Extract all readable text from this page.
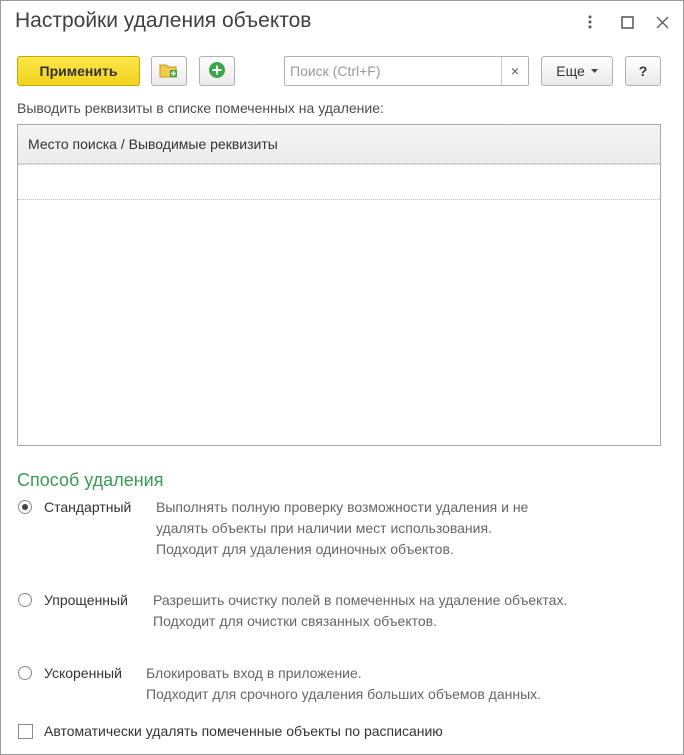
Настройки удаления объектов
Применить
Поиск (Ctrl+F)	×	Еще	?
Выводить реквизиты в списке помеченных на удаление:
Место поиска / Выводимые реквизиты
Способ удаления
Стандартный Выполнять полную проверку возможности удаления и не
удалять объекты при наличии мест использования.
Подходит для удаления одиночных объектов.
Упрощенный Разрешить очистку полей в помеченных на удаление объектах.
Подходит для очистки связанных объектов.
Ускоренный Блокировать вход в приложение.
Подходит для срочного удаления больших объемов данных.
Автоматически удалять помеченные объекты по расписанию
